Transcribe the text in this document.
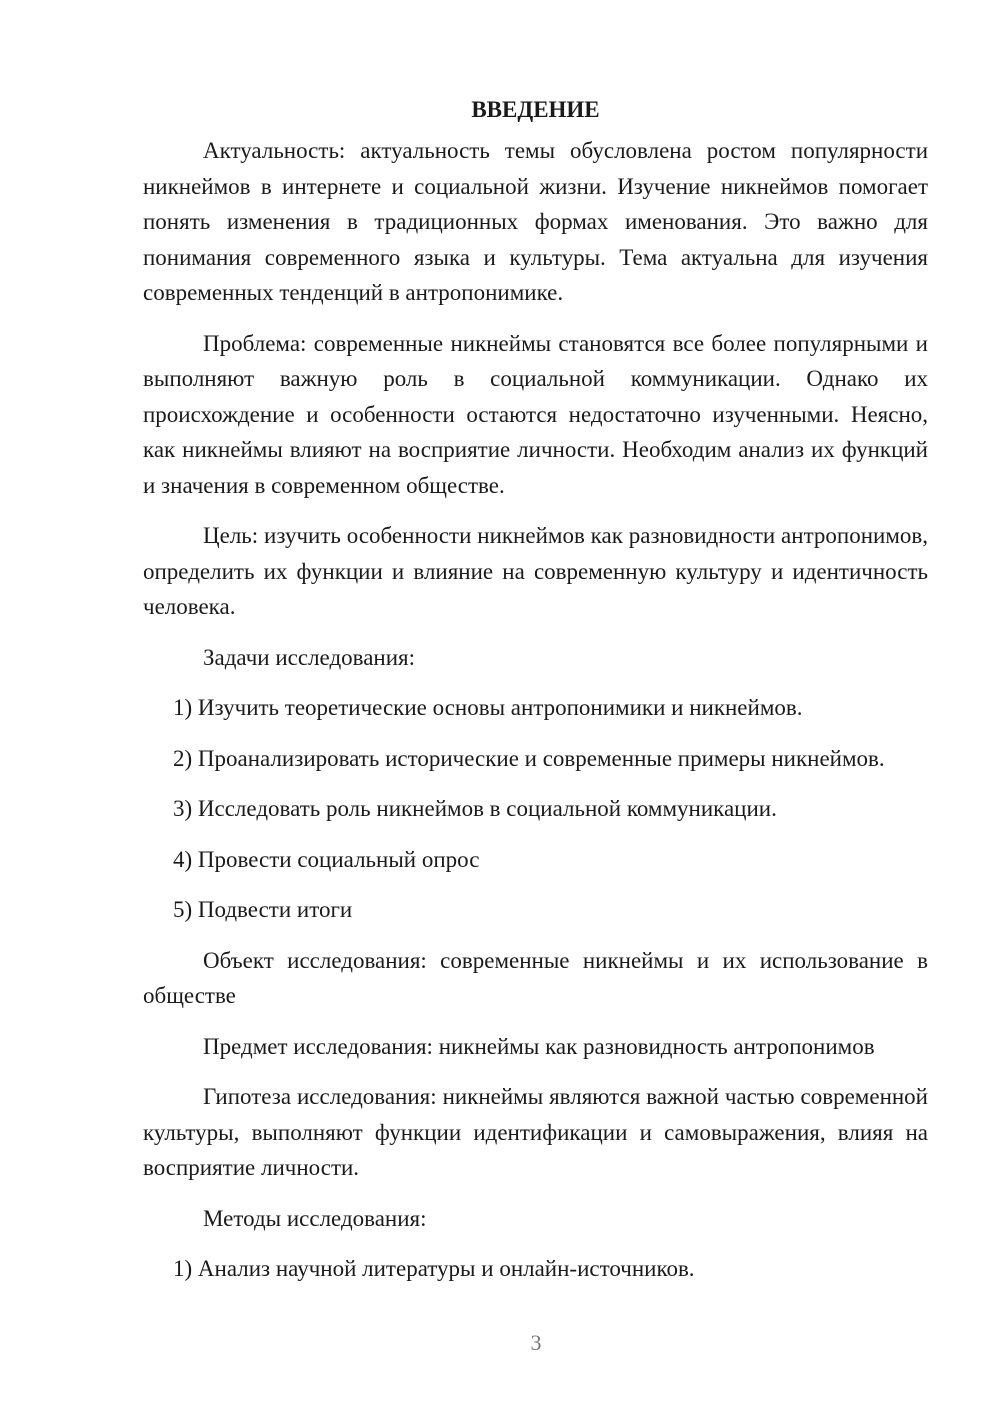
ВВЕДЕНИЕ

Актуальность: актуальность темы обусловлена ростом популярности никнеймов в интернете и социальной жизни. Изучение никнеймов помогает понять изменения в традиционных формах именования. Это важно для понимания современного языка и культуры. Тема актуальна для изучения современных тенденций в антропонимике.

Проблема: современные никнеймы становятся все более популярными и выполняют важную роль в социальной коммуникации. Однако их происхождение и особенности остаются недостаточно изученными. Неясно, как никнеймы влияют на восприятие личности. Необходим анализ их функций и значения в современном обществе.

Цель: изучить особенности никнеймов как разновидности антропонимов, определить их функции и влияние на современную культуру и идентичность человека.

Задачи исследования:

1) Изучить теоретические основы антропонимики и никнеймов.

2) Проанализировать исторические и современные примеры никнеймов.

3) Исследовать роль никнеймов в социальной коммуникации.

4) Провести социальный опрос

5) Подвести итоги

Объект исследования: современные никнеймы и их использование в обществе

Предмет исследования: никнеймы как разновидность антропонимов

Гипотеза исследования: никнеймы являются важной частью современной культуры, выполняют функции идентификации и самовыражения, влияя на восприятие личности.

Методы исследования:

1) Анализ научной литературы и онлайн-источников.

3
